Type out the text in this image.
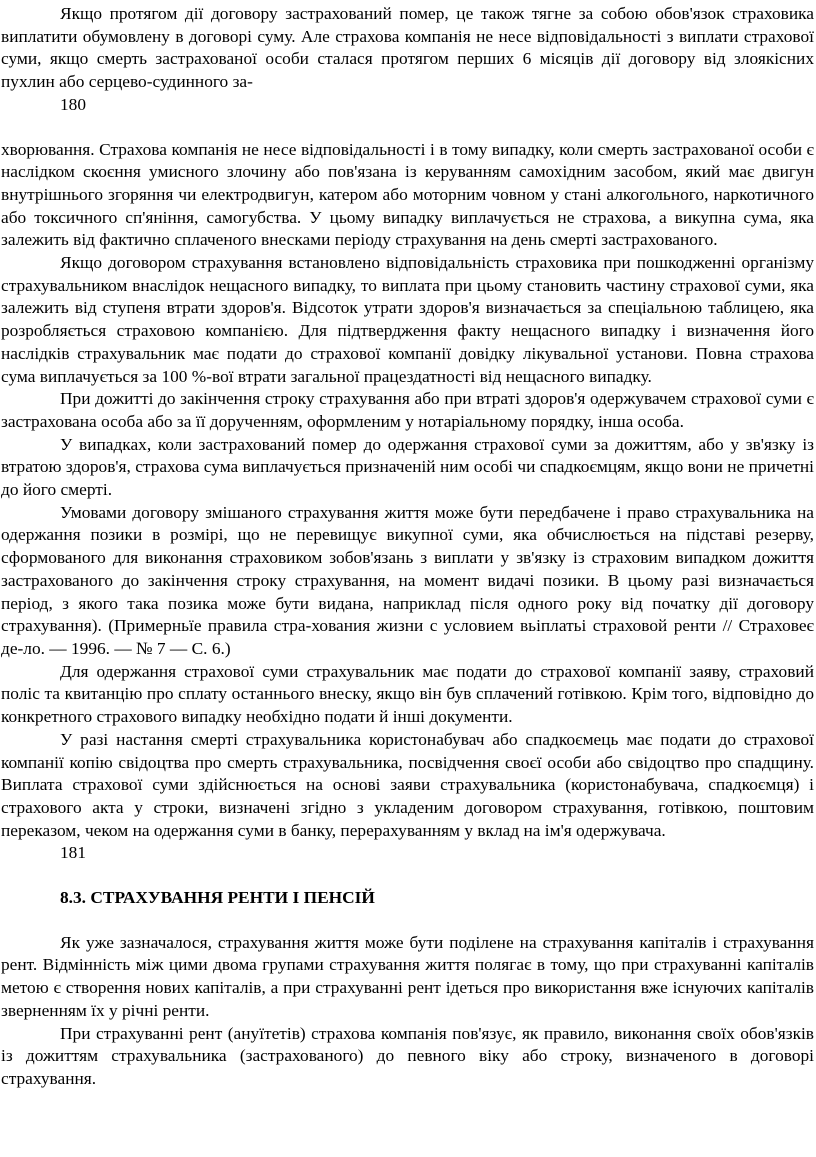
Якщо протягом дії договору застрахований помер, це також тягне за собою обов'язок страховика виплатити обумовлену в договорі суму. Але страхова компанія не несе відповідальності з виплати страхової суми, якщо смерть застрахованої особи сталася протягом перших 6 місяців дії договору від злоякісних пухлин або серцево-судинного за-

180

хворювання. Страхова компанія не несе відповідальності і в тому випадку, коли смерть застрахованої особи є наслідком скоєння умисного злочину або пов'язана із керуванням самохідним засобом, який має двигун внутрішнього згоряння чи електродвигун, катером або моторним човном у стані алкогольного, наркотичного або токсичного сп'яніння, самогубства. У цьому випадку виплачується не страхова, а викупна сума, яка залежить від фактично сплаченого внесками періоду страхування на день смерті застрахованого.

Якщо договором страхування встановлено відповідальність страховика при пошкодженні організму страхувальником внаслідок нещасного випадку, то виплата при цьому становить частину страхової суми, яка залежить від ступеня втрати здоров'я. Відсоток утрати здоров'я визначається за спеціальною таблицею, яка розробляється страховою компанією. Для підтвердження факту нещасного випадку і визначення його наслідків страхувальник має подати до страхової компанії довідку лікувальної установи. Повна страхова сума виплачується за 100 %-вої втрати загальної працездатності від нещасного випадку.

При дожитті до закінчення строку страхування або при втраті здоров'я одержувачем страхової суми є застрахована особа або за її дорученням, оформленим у нотаріальному порядку, інша особа.

У випадках, коли застрахований помер до одержання страхової суми за дожиттям, або у зв'язку із втратою здоров'я, страхова сума виплачується призначеній ним особі чи спадкоємцям, якщо вони не причетні до його смерті.

Умовами договору змішаного страхування життя може бути передбачене і право страхувальника на одержання позики в розмірі, що не перевищує викупної суми, яка обчислюється на підставі резерву, сформованого для виконання страховиком зобов'язань з виплати у зв'язку із страховим випадком дожиття застрахованого до закінчення строку страхування, на момент видачі позики. В цьому разі визначається період, з якого така позика може бути видана, наприклад після одного року від початку дії договору страхування). (Примерньїе правила стра-хования жизни с условием вьіплатьі страховой ренти // Страховеє де-ло. — 1996. — № 7 — С. 6.)

Для одержання страхової суми страхувальник має подати до страхової компанії заяву, страховий поліс та квитанцію про сплату останнього внеску, якщо він був сплачений готівкою. Крім того, відповідно до конкретного страхового випадку необхідно подати й інші документи.

У разі настання смерті страхувальника користонабувач або спадкоємець має подати до страхової компанії копію свідоцтва про смерть страхувальника, посвідчення своєї особи або свідоцтво про спадщину. Виплата страхової суми здійснюється на основі заяви страхувальника (користонабувача, спадкоємця) і страхового акта у строки, визначені згідно з укладеним договором страхування, готівкою, поштовим переказом, чеком на одержання суми в банку, перерахуванням у вклад на ім'я одержувача.

181
8.3. СТРАХУВАННЯ РЕНТИ І ПЕНСІЙ

Як уже зазначалося, страхування життя може бути поділене на страхування капіталів і страхування рент. Відмінність між цими двома групами страхування життя полягає в тому, що при страхуванні капіталів метою є створення нових капіталів, а при страхуванні рент ідеться про використання вже існуючих капіталів зверненням їх у річні ренти.

При страхуванні рент (ануїтетів) страхова компанія пов'язує, як правило, виконання своїх обов'язків із дожиттям страхувальника (застрахованого) до певного віку або строку, визначеного в договорі страхування.
